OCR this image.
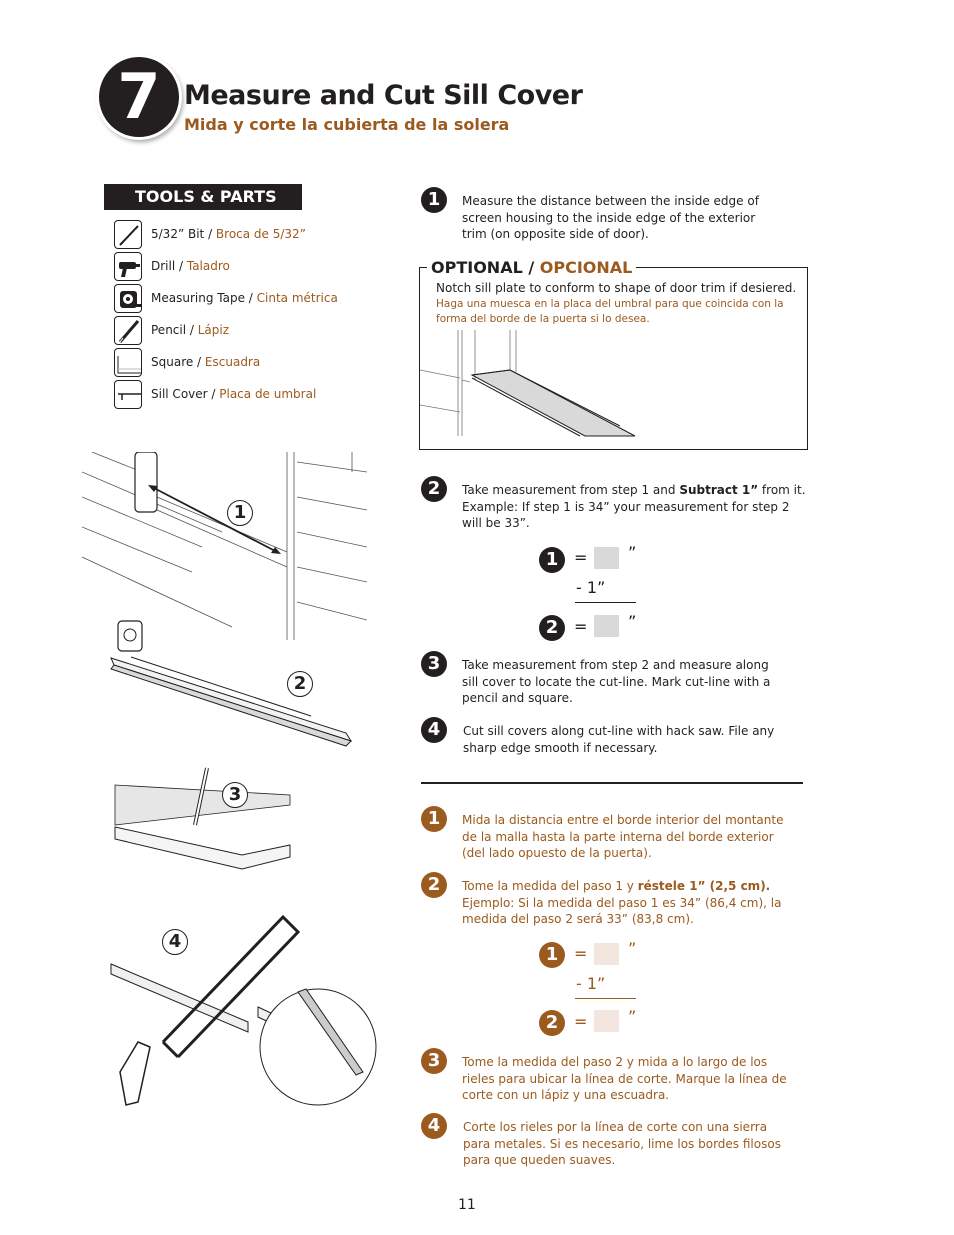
7 Measure and Cut Sill Cover
Mida y corte la cubierta de la solera
TOOLS & PARTS
5/32” Bit / Broca de 5/32”
Drill / Taladro
Measuring Tape / Cinta métrica
Pencil / Lápiz
Square / Escuadra
Sill Cover / Placa de umbral
1
2
3
4
1	Measure the distance between the inside edge of screen housing to the inside edge of the exterior trim (on opposite side of door).
OPTIONAL / OPCIONAL
Notch sill plate to conform to shape of door trim if desiered.
Haga una muesca en la placa del umbral para que coincida con la forma del borde de la puerta si lo desea.
2	Take measurement from step 1 and Subtract 1” from it. Example: If step 1 is 34” your measurement for step 2 will be 33”.
1 =	”
- 1”
2 =	”
3	Take measurement from step 2 and measure along sill cover to locate the cut-line. Mark cut-line with a pencil and square.
4	Cut sill covers along cut-line with hack saw. File any sharp edge smooth if necessary.
1	Mida la distancia entre el borde interior del montante de la malla hasta la parte interna del borde exterior (del lado opuesto de la puerta).
2	Tome la medida del paso 1 y réstele 1” (2,5 cm). Ejemplo: Si la medida del paso 1 es 34” (86,4 cm), la medida del paso 2 será 33” (83,8 cm).
1 =	”
- 1”
2 =	”
3	Tome la medida del paso 2 y mida a lo largo de los rieles para ubicar la línea de corte. Marque la línea de corte con un lápiz y una escuadra.
4	Corte los rieles por la línea de corte con una sierra para metales. Si es necesario, lime los bordes filosos para que queden suaves.
11
